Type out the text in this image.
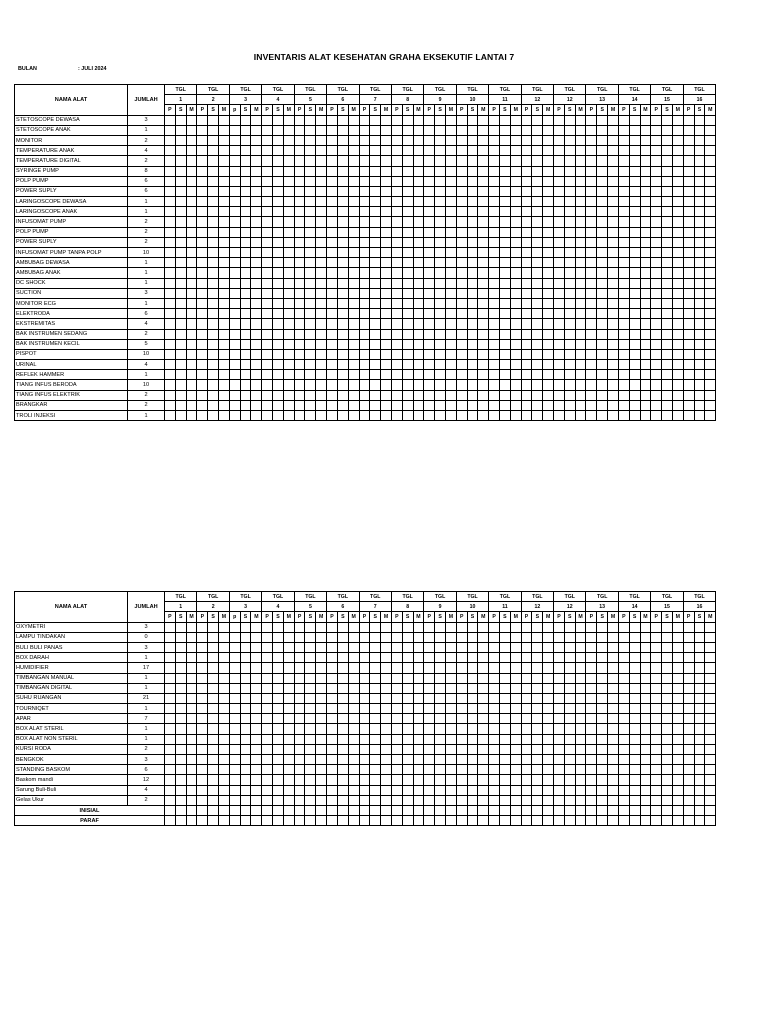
INVENTARIS ALAT KESEHATAN GRAHA EKSEKUTIF LANTAI 7
BULAN	: JULI 2024
NAMA ALAT	JUMLAH	TGL			TGL			TGL			TGL			TGL			TGL			TGL			TGL			TGL			TGL			TGL			TGL			TGL			TGL			TGL			TGL			TGL		
		1			2			3			4			5			6			7			8			9			10			11			12			12			13			14			15			16		
		P	S	M	P	S	M	p	S	M	P	S	M	P	S	M	P	S	M	P	S	M	P	S	M	P	S	M	P	S	M	P	S	M	P	S	M	P	S	M	P	S	M	P	S	M	P	S	M	P	S	M
STETOSCOPE DEWASA	3																																																			
STETOSCOPE ANAK	1																																																			
MONITOR	2																																																			
TEMPERATURE ANAK	4																																																			
TEMPERATURE DIGITAL	2																																																			
SYRINGE PUMP	8																																																			
POLP PUMP	6																																																			
POWER SUPLY	6																																																			
LARINGOSCOPE DEWASA	1																																																			
LARINGOSCOPE ANAK	1																																																			
INFUSOMAT PUMP	2																																																			
POLP PUMP	2																																																			
POWER SUPLY	2																																																			
INFUSOMAT PUMP TANPA POLP	10																																																			
AMBUBAG DEWASA	1																																																			
AMBUBAG ANAK	1																																																			
DC SHOCK	1																																																			
SUCTION	3																																																			
MONITOR ECG	1																																																			
ELEKTRODA	6																																																			
EKSTREMITAS	4																																																			
BAK INSTRUMEN SEDANG	2																																																			
BAK INSTRUMEN KECIL	5																																																			
PISPOT	10																																																			
URINAL	4																																																			
REFLEK HAMMER	1																																																			
TIANG INFUS BERODA	10																																																			
TIANG INFUS ELEKTRIK	2																																																			
BRANGKAR	2																																																			
TROLI INJEKSI	1																																																			
NAMA ALAT	JUMLAH	TGL			TGL			TGL			TGL			TGL			TGL			TGL			TGL			TGL			TGL			TGL			TGL			TGL			TGL			TGL			TGL			TGL		
		1			2			3			4			5			6			7			8			9			10			11			12			12			13			14			15			16		
		P	S	M	P	S	M	p	S	M	P	S	M	P	S	M	P	S	M	P	S	M	P	S	M	P	S	M	P	S	M	P	S	M	P	S	M	P	S	M	P	S	M	P	S	M	P	S	M	P	S	M
OXYMETRI	3																																																			
LAMPU TINDAKAN	0																																																			
BULI BULI PANAS	3																																																			
BOX DARAH	1																																																			
HUMIDIFIER	17																																																			
TIMBANGAN MANUAL	1																																																			
TIMBANGAN DIGITAL	1																																																			
SUHU RUANGAN	21																																																			
TOURNIQET	1																																																			
APAR	7																																																			
BOX ALAT STERIL	1																																																			
BOX ALAT NON STERIL	1																																																			
KURSI RODA	2																																																			
BENGKOK	3																																																			
STANDING BASKOM	6																																																			
Baskom mandi	12																																																			
Sarung Buli-Buli	4																																																			
Gelas Ukur	2																																																			
INISIAL																																																				
PARAF																																																				
